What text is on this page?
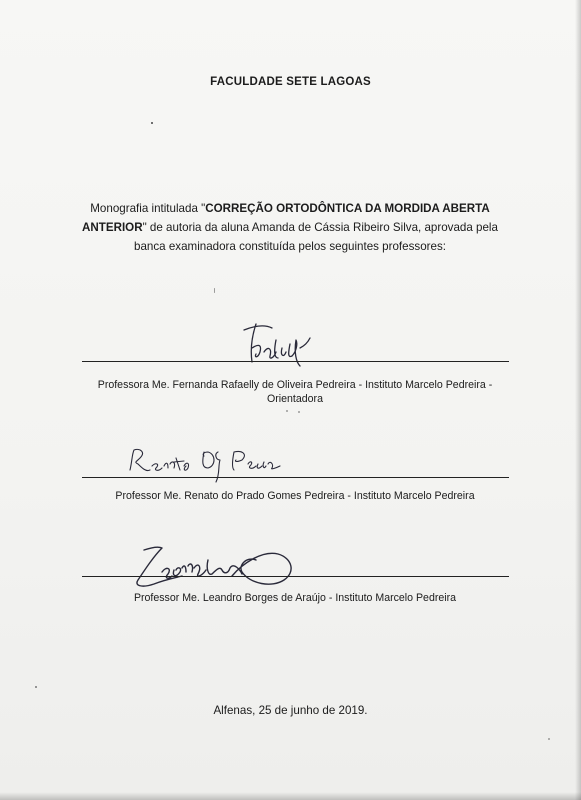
FACULDADE SETE LAGOAS
Monografia intitulada "CORREÇÃO ORTODÔNTICA DA MORDIDA ABERTA ANTERIOR" de autoria da aluna Amanda de Cássia Ribeiro Silva, aprovada pela banca examinadora constituída pelos seguintes professores:
Professora Me. Fernanda Rafaelly de Oliveira Pedreira - Instituto Marcelo Pedreira -
Orientadora
Professor Me. Renato do Prado Gomes Pedreira - Instituto Marcelo Pedreira
Professor Me. Leandro Borges de Araújo - Instituto Marcelo Pedreira
Alfenas, 25 de junho de 2019.
